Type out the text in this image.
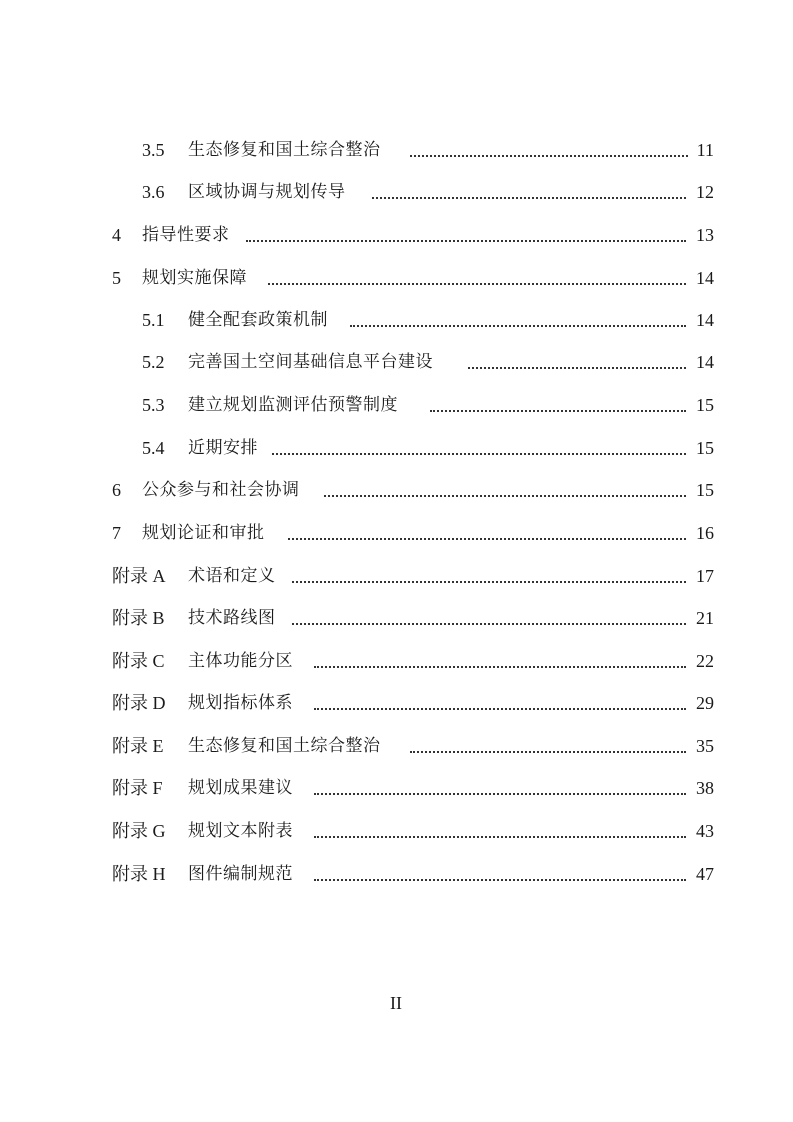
3.5 生态修复和国土综合整治	11
3.6 区域协调与规划传导	12
4 指导性要求	13
5 规划实施保障	14
5.1 健全配套政策机制	14
5.2 完善国土空间基础信息平台建设	14
5.3 建立规划监测评估预警制度	15
5.4 近期安排	15
6 公众参与和社会协调	15
7 规划论证和审批	16
附录 A 术语和定义	17
附录 B 技术路线图	21
附录 C 主体功能分区	22
附录 D 规划指标体系	29
附录 E 生态修复和国土综合整治	35
附录 F 规划成果建议	38
附录 G 规划文本附表	43
附录 H 图件编制规范	47
II
